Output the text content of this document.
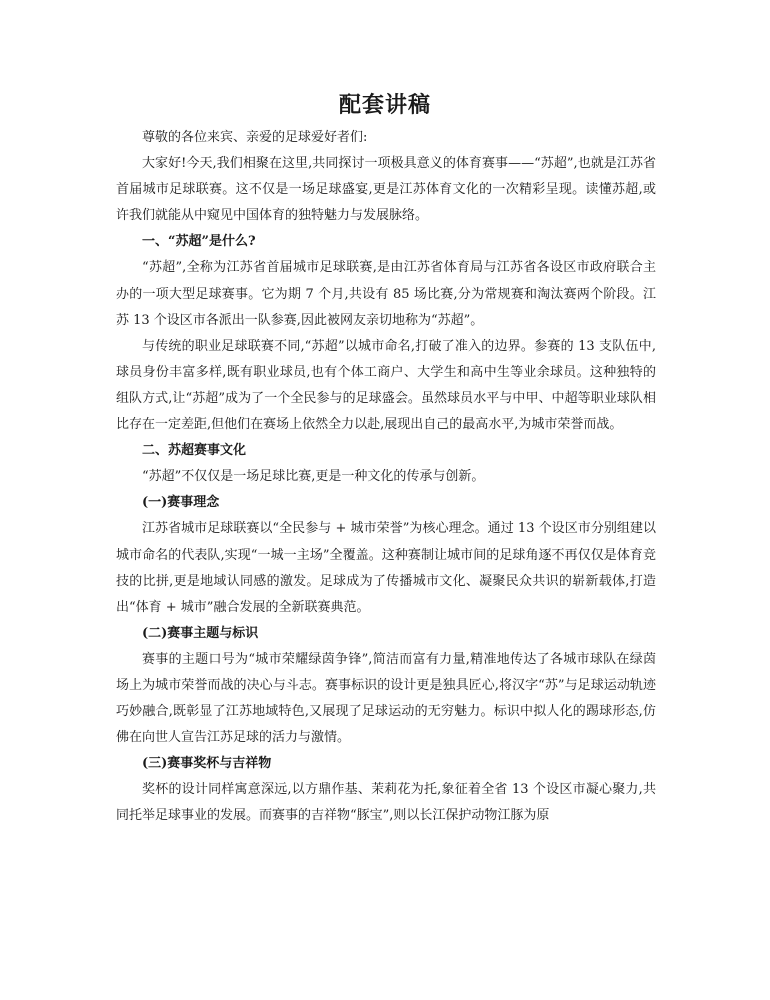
配套讲稿

尊敬的各位来宾、亲爱的足球爱好者们:

大家好!今天,我们相聚在这里,共同探讨一项极具意义的体育赛事——“苏超”,也就是江苏省首届城市足球联赛。这不仅是一场足球盛宴,更是江苏体育文化的一次精彩呈现。读懂苏超,或许我们就能从中窥见中国体育的独特魅力与发展脉络。

一、“苏超”是什么?

“苏超”,全称为江苏省首届城市足球联赛,是由江苏省体育局与江苏省各设区市政府联合主办的一项大型足球赛事。它为期 7 个月,共设有 85 场比赛,分为常规赛和淘汰赛两个阶段。江苏 13 个设区市各派出一队参赛,因此被网友亲切地称为“苏超”。

与传统的职业足球联赛不同,“苏超”以城市命名,打破了准入的边界。参赛的 13 支队伍中,球员身份丰富多样,既有职业球员,也有个体工商户、大学生和高中生等业余球员。这种独特的组队方式,让“苏超”成为了一个全民参与的足球盛会。虽然球员水平与中甲、中超等职业球队相比存在一定差距,但他们在赛场上依然全力以赴,展现出自己的最高水平,为城市荣誉而战。

二、苏超赛事文化

“苏超”不仅仅是一场足球比赛,更是一种文化的传承与创新。

(一)赛事理念

江苏省城市足球联赛以“全民参与 + 城市荣誉”为核心理念。通过 13 个设区市分别组建以城市命名的代表队,实现“一城一主场”全覆盖。这种赛制让城市间的足球角逐不再仅仅是体育竞技的比拼,更是地域认同感的激发。足球成为了传播城市文化、凝聚民众共识的崭新载体,打造出“体育 + 城市”融合发展的全新联赛典范。

(二)赛事主题与标识

赛事的主题口号为“城市荣耀绿茵争锋”,简洁而富有力量,精准地传达了各城市球队在绿茵场上为城市荣誉而战的决心与斗志。赛事标识的设计更是独具匠心,将汉字“苏”与足球运动轨迹巧妙融合,既彰显了江苏地域特色,又展现了足球运动的无穷魅力。标识中拟人化的踢球形态,仿佛在向世人宣告江苏足球的活力与激情。

(三)赛事奖杯与吉祥物

奖杯的设计同样寓意深远,以方鼎作基、茉莉花为托,象征着全省 13 个设区市凝心聚力,共同托举足球事业的发展。而赛事的吉祥物“豚宝”,则以长江保护动物江豚为原
